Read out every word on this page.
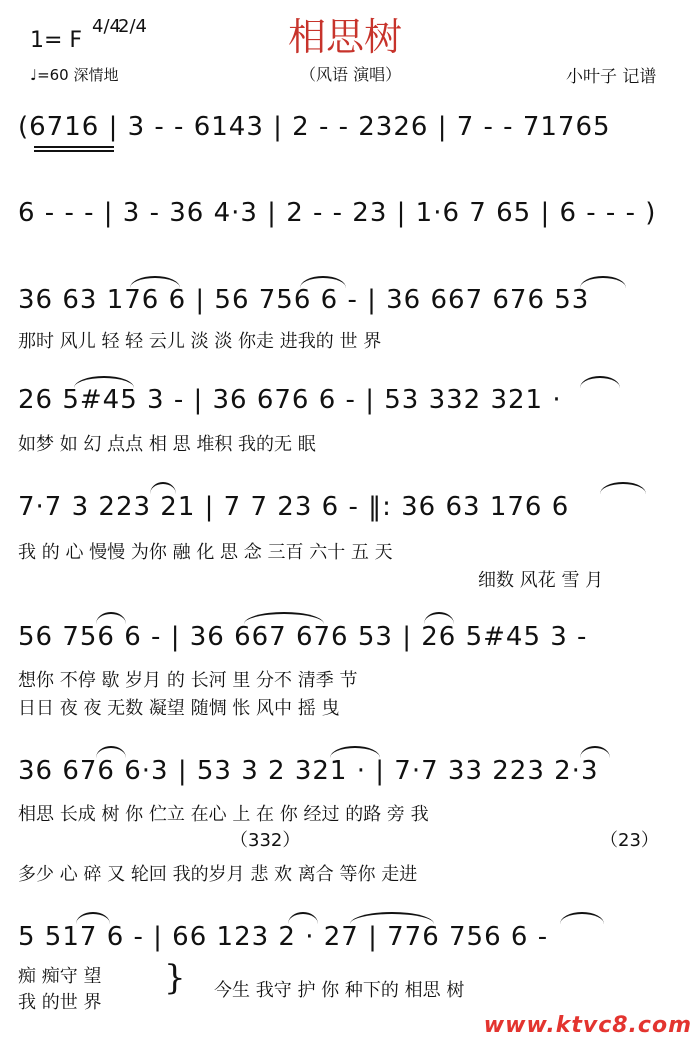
1= F
4/4
2/4
♩=60 深情地
相思树
（风语 演唱）	小叶子 记谱
(6716 | 3 - - 6143 | 2 - - 2326 | 7 - - 71765
6 - - - | 3 - 36 4·3 | 2 - - 23 | 1·6 7 65 | 6 - - - )
36 63 176 6 | 56 756 6 - | 36 667 676 53
那时 风儿 轻 轻 云儿 淡 淡 你走 进我的 世 界
26 5#45 3 - | 36 676 6 - | 53 332 321 ·
如梦 如 幻 点点 相 思 堆积 我的无 眠
7·7 3 223 21 | 7 7 23 6 - ‖: 36 63 176 6
我 的 心 慢慢 为你 融 化 思 念 三百 六十 五 天
细数 风花 雪 月
56 756 6 - | 36 667 676 53 | 26 5#45 3 -
想你 不停 歇 岁月 的 长河 里 分不 清季 节
日日 夜 夜 无数 凝望 随惆 怅 风中 摇 曳
36 676 6·3 | 53 3 2 321 · | 7·7 33 223 2·3
相思 长成 树 你 伫立 在心 上 在 你 经过 的路 旁 我
（332）	（23）
多少 心 碎 又 轮回 我的岁月 悲 欢 离合 等你 走进
5 517 6 - | 66 123 2 · 27 | 776 756 6 -
痴 痴守 望
我 的世 界
} 今生 我守 护 你 种下的 相思 树
www.ktvc8.com
